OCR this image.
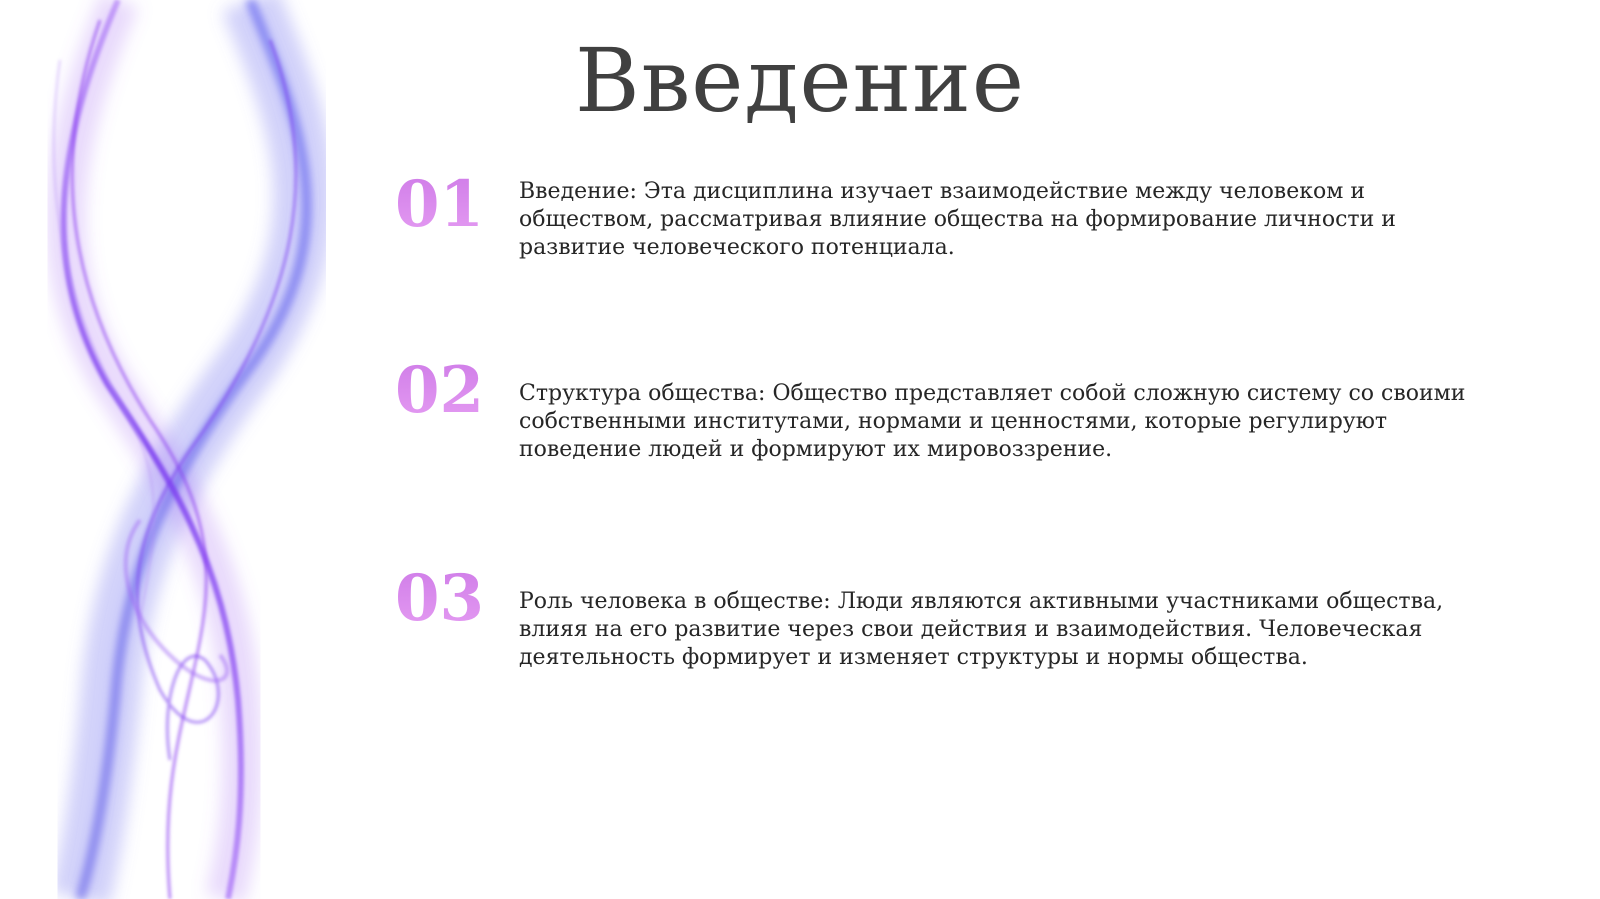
Введение
01 Введение: Эта дисциплина изучает взаимодействие между человеком и обществом, рассматривая влияние общества на формирование личности и развитие человеческого потенциала.
02 Структура общества: Общество представляет собой сложную систему со своими собственными институтами, нормами и ценностями, которые регулируют поведение людей и формируют их мировоззрение.
03 Роль человека в обществе: Люди являются активными участниками общества, влияя на его развитие через свои действия и взаимодействия. Человеческая деятельность формирует и изменяет структуры и нормы общества.
